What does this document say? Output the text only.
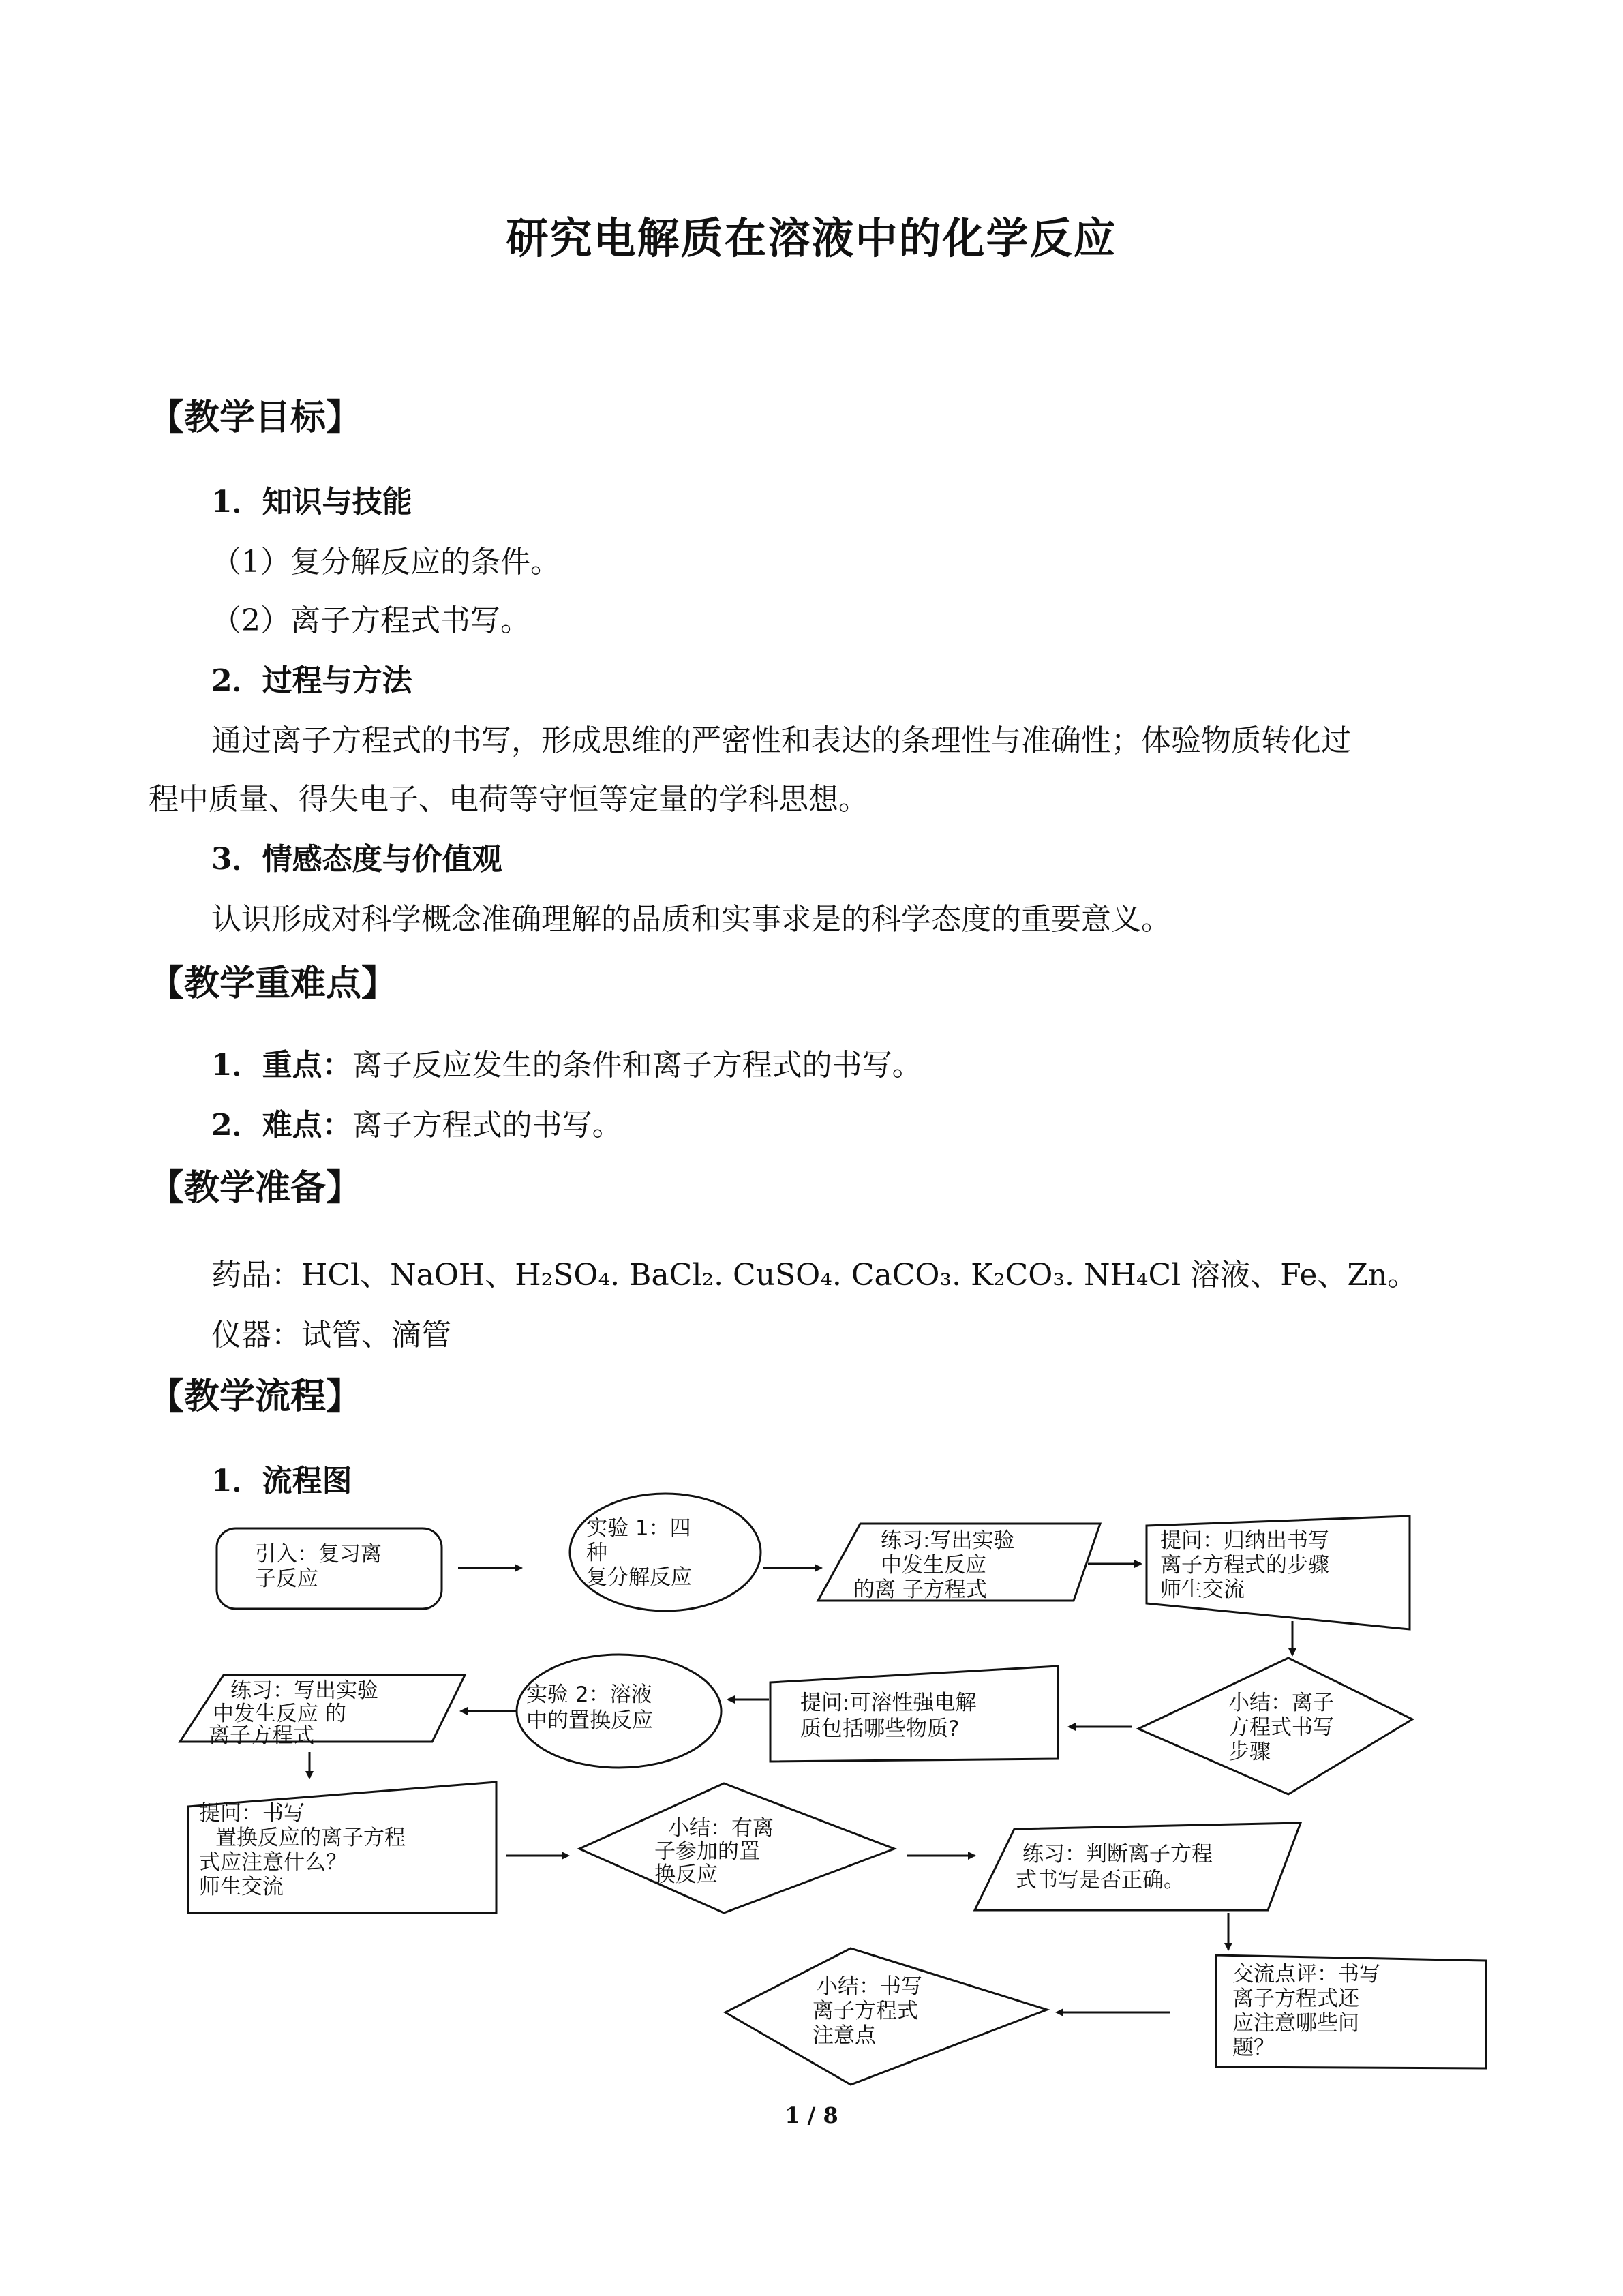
研究电解质在溶液中的化学反应
【教学目标】
1．知识与技能
（1）复分解反应的条件。
（2）离子方程式书写。
2．过程与方法
通过离子方程式的书写，形成思维的严密性和表达的条理性与准确性；体验物质转化过
程中质量、得失电子、电荷等守恒等定量的学科思想。
3．情感态度与价值观
认识形成对科学概念准确理解的品质和实事求是的科学态度的重要意义。
【教学重难点】
1．重点：离子反应发生的条件和离子方程式的书写。
2．难点：离子方程式的书写。
【教学准备】
药品：HCl、NaOH、H₂SO₄. BaCl₂. CuSO₄. CaCO₃. K₂CO₃. NH₄Cl 溶液、Fe、Zn。
仪器：试管、滴管
【教学流程】
1．流程图
引入：复习离子反应
实验 1：四种复分解反应
练习:写出实验中发生反应的离 子方程式
提问：归纳出书写离子方程式的步骤师生交流
小结：离子方程式书写步骤
提问:可溶性强电解质包括哪些物质?
实验 2：溶液中的置换反应
练习：写出实验中发生反应 的离子方程式
提问：书写置换反应的离子方程式应注意什么？师生交流
小结：有离子参加的置换反应
练习：判断离子方程式书写是否正确。
交流点评：书写离子方程式还应注意哪些问题？
小结：书写离子方程式注意点
1 / 8
